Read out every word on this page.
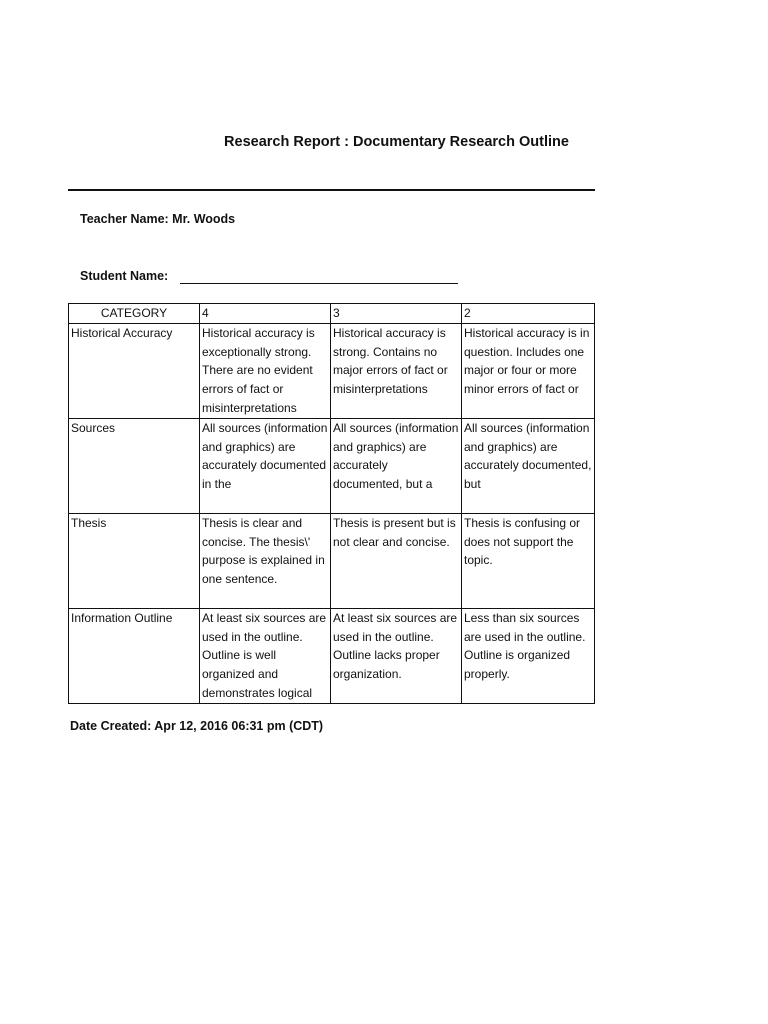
Research Report : Documentary Research Outline
Teacher Name: Mr. Woods
Student Name:
CATEGORY	4	3	2

Historical Accuracy	Historical accuracy is exceptionally strong. There are no evident errors of fact or misinterpretations	Historical accuracy is strong. Contains no major errors of fact or misinterpretations	Historical accuracy is in question. Includes one major or four or more minor errors of fact or

Sources	All sources (information and graphics) are accurately documented in the	All sources (information and graphics) are accurately documented, but a	All sources (information and graphics) are accurately documented, but

Thesis	Thesis is clear and concise. The thesis\' purpose is explained in one sentence.	Thesis is present but is not clear and concise.	Thesis is confusing or does not support the topic.

Information Outline	At least six sources are used in the outline. Outline is well organized and demonstrates logical	At least six sources are used in the outline. Outline lacks proper organization.	Less than six sources are used in the outline. Outline is organized properly.
Date Created: Apr 12, 2016 06:31 pm (CDT)
